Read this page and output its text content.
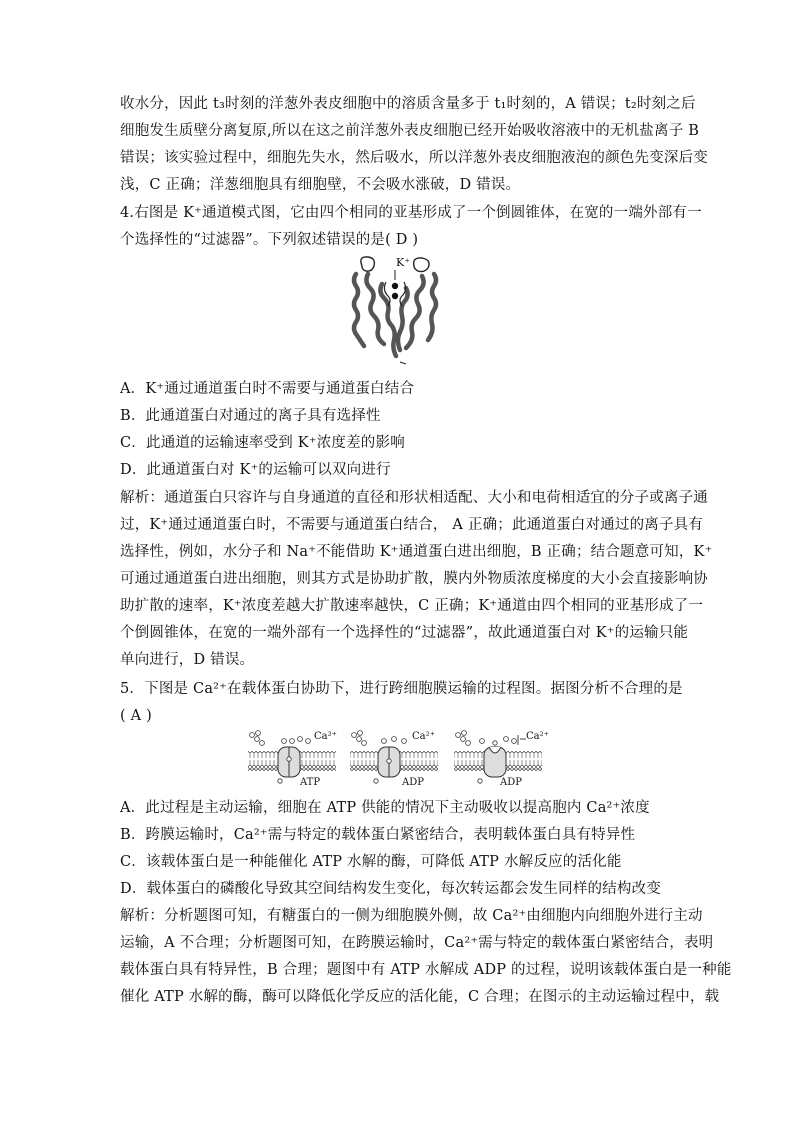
收水分，因此 t₃时刻的洋葱外表皮细胞中的溶质含量多于 t₁时刻的，A 错误；t₂时刻之后
细胞发生质壁分离复原,所以在这之前洋葱外表皮细胞已经开始吸收溶液中的无机盐离子 B
错误；该实验过程中，细胞先失水，然后吸水，所以洋葱外表皮细胞液泡的颜色先变深后变
浅，C 正确；洋葱细胞具有细胞壁，不会吸水涨破，D 错误。
4.右图是 K⁺通道模式图，它由四个相同的亚基形成了一个倒圆锥体，在宽的一端外部有一
个选择性的“过滤器”。下列叙述错误的是( D )
K⁺
A．K⁺通过通道蛋白时不需要与通道蛋白结合
B．此通道蛋白对通过的离子具有选择性
C．此通道的运输速率受到 K⁺浓度差的影响
D．此通道蛋白对 K⁺的运输可以双向进行
解析：通道蛋白只容许与自身通道的直径和形状相适配、大小和电荷相适宜的分子或离子通
过，K⁺通过通道蛋白时，不需要与通道蛋白结合， A 正确；此通道蛋白对通过的离子具有
选择性，例如，水分子和 Na⁺不能借助 K⁺通道蛋白进出细胞，B 正确；结合题意可知，K⁺
可通过通道蛋白进出细胞，则其方式是协助扩散，膜内外物质浓度梯度的大小会直接影响协
助扩散的速率，K⁺浓度差越大扩散速率越快，C 正确；K⁺通道由四个相同的亚基形成了一
个倒圆锥体，在宽的一端外部有一个选择性的“过滤器”，故此通道蛋白对 K⁺的运输只能
单向进行，D 错误。
5．下图是 Ca²⁺在载体蛋白协助下，进行跨细胞膜运输的过程图。据图分析不合理的是
( A )
Ca²⁺	Ca²⁺	Ca²⁺
ATP	ADP	ADP
A．此过程是主动运输，细胞在 ATP 供能的情况下主动吸收以提高胞内 Ca²⁺浓度
B．跨膜运输时，Ca²⁺需与特定的载体蛋白紧密结合，表明载体蛋白具有特异性
C．该载体蛋白是一种能催化 ATP 水解的酶，可降低 ATP 水解反应的活化能
D．载体蛋白的磷酸化导致其空间结构发生变化，每次转运都会发生同样的结构改变
解析：分析题图可知，有糖蛋白的一侧为细胞膜外侧，故 Ca²⁺由细胞内向细胞外进行主动
运输，A 不合理；分析题图可知，在跨膜运输时，Ca²⁺需与特定的载体蛋白紧密结合，表明
载体蛋白具有特异性，B 合理；题图中有 ATP 水解成 ADP 的过程，说明该载体蛋白是一种能
催化 ATP 水解的酶，酶可以降低化学反应的活化能，C 合理；在图示的主动运输过程中，载
